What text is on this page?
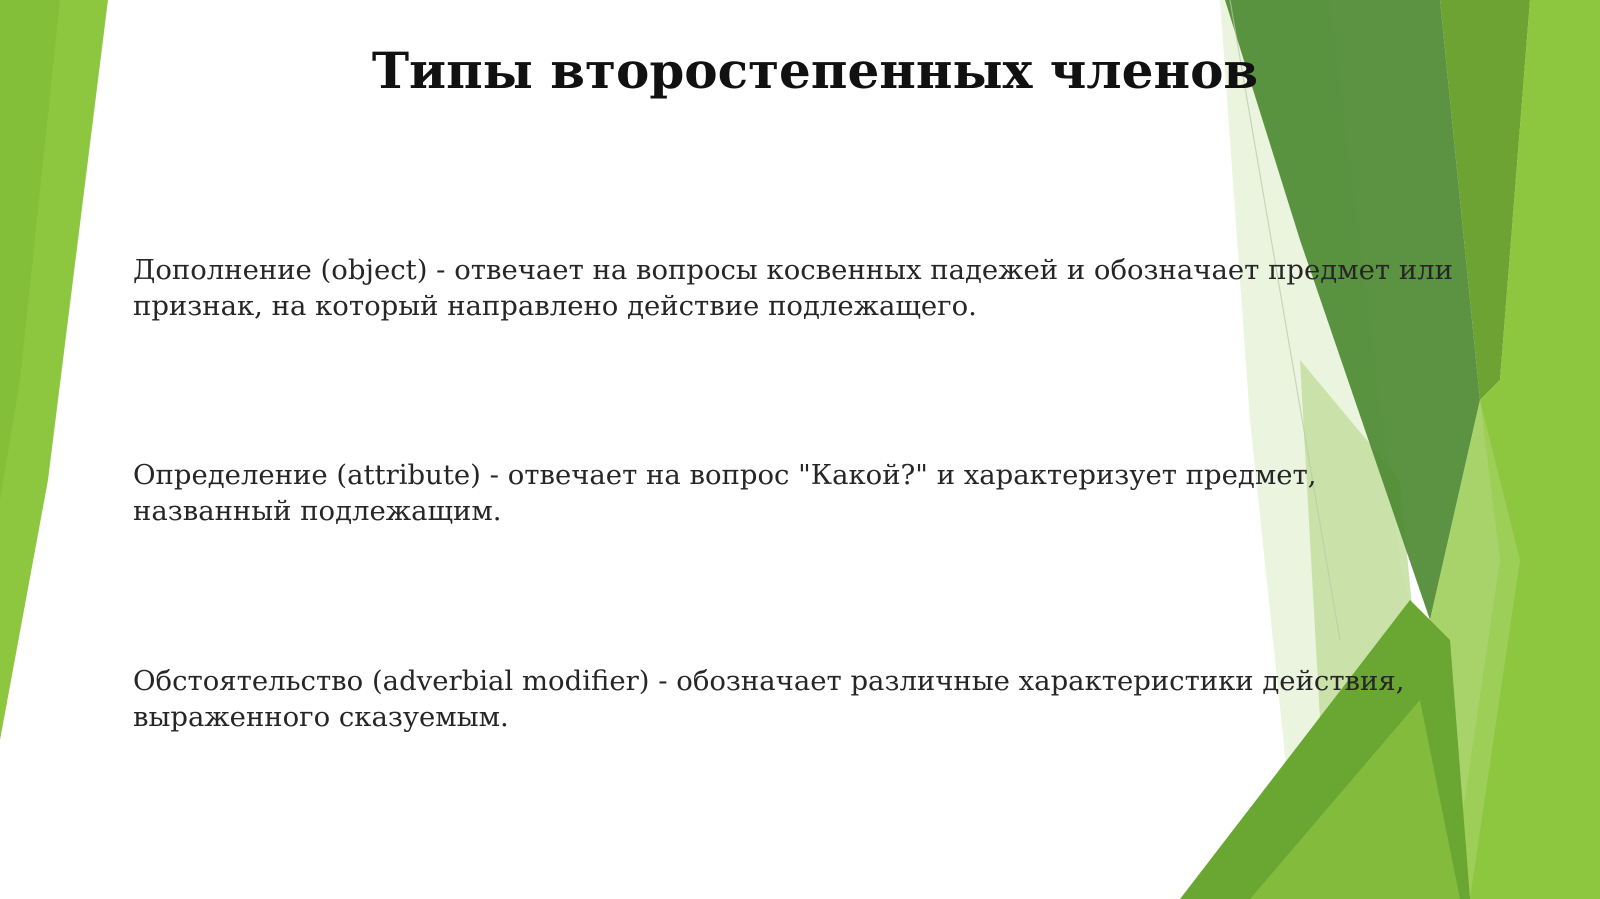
Типы второстепенных членов

Дополнение (object) - отвечает на вопросы косвенных падежей и обозначает предмет или признак, на который направлено действие подлежащего.

Определение (attribute) - отвечает на вопрос "Какой?" и характеризует предмет, названный подлежащим.

Обстоятельство (adverbial modifier) - обозначает различные характеристики действия, выраженного сказуемым.
